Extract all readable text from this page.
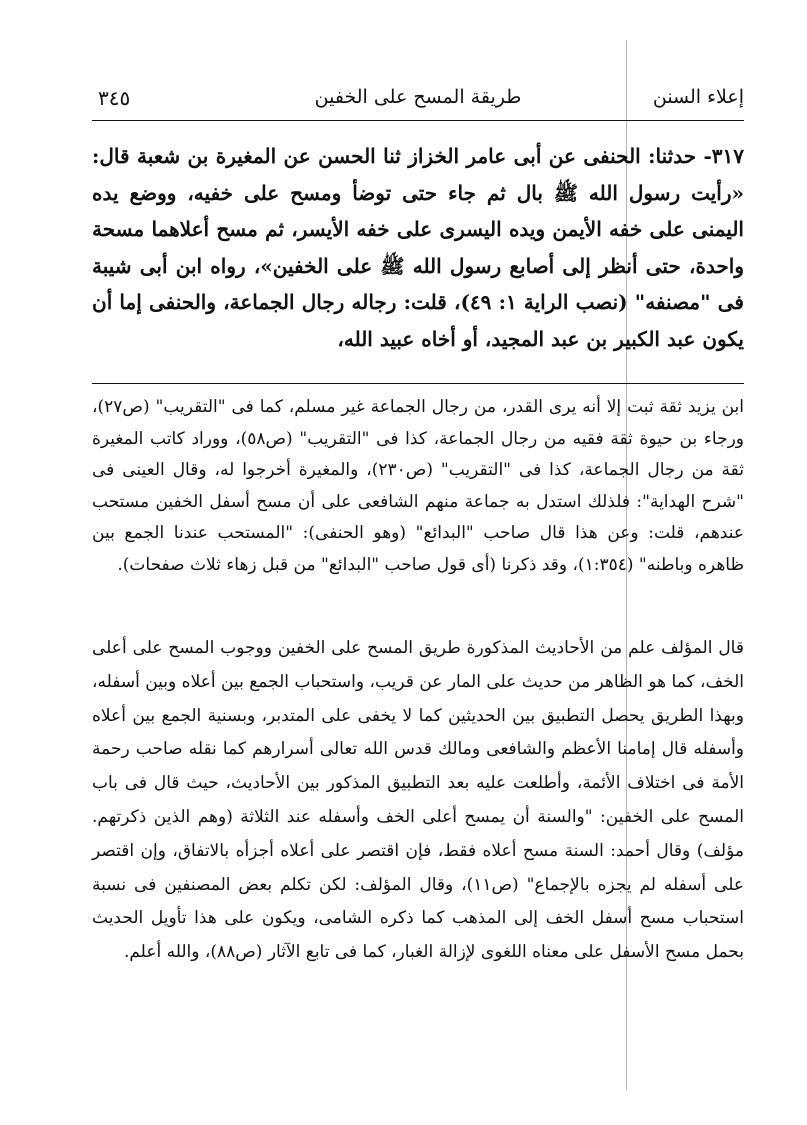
إعلاء السنن
طريقة المسح على الخفين
٣٤٥

٣١٧- حدثنا: الحنفى عن أبى عامر الخزاز ثنا الحسن عن المغيرة بن شعبة قال: «رأيت رسول الله ﷺ بال ثم جاء حتى توضأ ومسح على خفيه، ووضع يده اليمنى على خفه الأيمن ويده اليسرى على خفه الأيسر، ثم مسح أعلاهما مسحة واحدة، حتى أنظر إلى أصابع رسول الله ﷺ على الخفين»، رواه ابن أبى شيبة فى "مصنفه" (نصب الراية ١: ٤٩)، قلت: رجاله رجال الجماعة، والحنفى إما أن يكون عبد الكبير بن عبد المجيد، أو أخاه عبيد الله،

ابن يزيد ثقة ثبت إلا أنه يرى القدر، من رجال الجماعة غير مسلم، كما فى "التقريب" (ص٢٧)، ورجاء بن حيوة ثقة فقيه من رجال الجماعة، كذا فى "التقريب" (ص٥٨)، ووراد كاتب المغيرة ثقة من رجال الجماعة، كذا فى "التقريب" (ص٢٣٠)، والمغيرة أخرجوا له، وقال العينى فى "شرح الهداية": فلذلك استدل به جماعة منهم الشافعى على أن مسح أسفل الخفين مستحب عندهم، قلت: وعن هذا قال صاحب "البدائع" (وهو الحنفى): "المستحب عندنا الجمع بين ظاهره وباطنه" (١:٣٥٤)، وقد ذكرنا (أى قول صاحب "البدائع" من قبل زهاء ثلاث صفحات).

قال المؤلف علم من الأحاديث المذكورة طريق المسح على الخفين ووجوب المسح على أعلى الخف، كما هو الظاهر من حديث على المار عن قريب، واستحباب الجمع بين أعلاه وبين أسفله، وبهذا الطريق يحصل التطبيق بين الحديثين كما لا يخفى على المتدبر، وبسنية الجمع بين أعلاه وأسفله قال إمامنا الأعظم والشافعى ومالك قدس الله تعالى أسرارهم كما نقله صاحب رحمة الأمة فى اختلاف الأئمة، وأطلعت عليه بعد التطبيق المذكور بين الأحاديث، حيث قال فى باب المسح على الخفين: "والسنة أن يمسح أعلى الخف وأسفله عند الثلاثة (وهم الذين ذكرتهم. مؤلف) وقال أحمد: السنة مسح أعلاه فقط، فإن اقتصر على أعلاه أجزأه بالاتفاق، وإن اقتصر على أسفله لم يجزه بالإجماع" (ص١١)، وقال المؤلف: لكن تكلم بعض المصنفين فى نسبة استحباب مسح أسفل الخف إلى المذهب كما ذكره الشامى، ويكون على هذا تأويل الحديث بحمل مسح الأسفل على معناه اللغوى لإزالة الغبار، كما فى تابع الآثار (ص٨٨)، والله أعلم.
